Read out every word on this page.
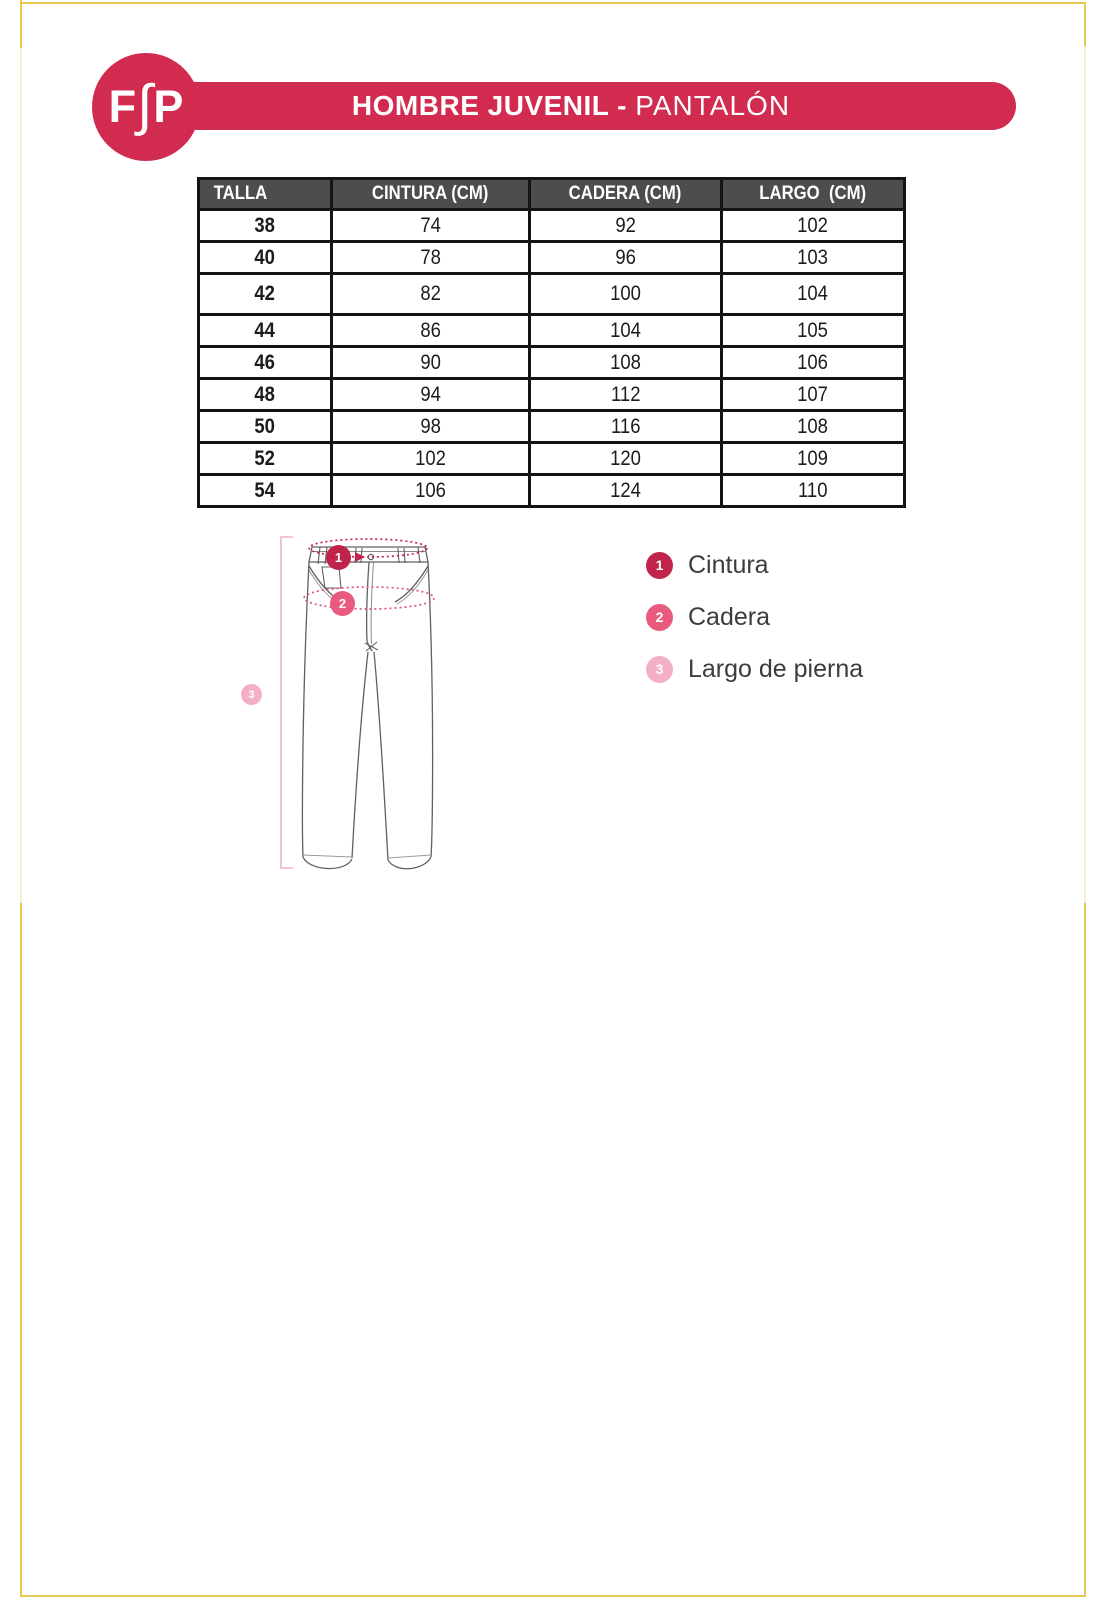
F ∫ P	HOMBRE JUVENIL - PANTALÓN
TALLA	CINTURA (CM)	CADERA (CM)	LARGO  (CM)
38	74	92	102
40	78	96	103
42	82	100	104
44	86	104	105
46	90	108	106
48	94	112	107
50	98	116	108
52	102	120	109
54	106	124	110
1
2
3
1 Cintura
2 Cadera
3 Largo de pierna
